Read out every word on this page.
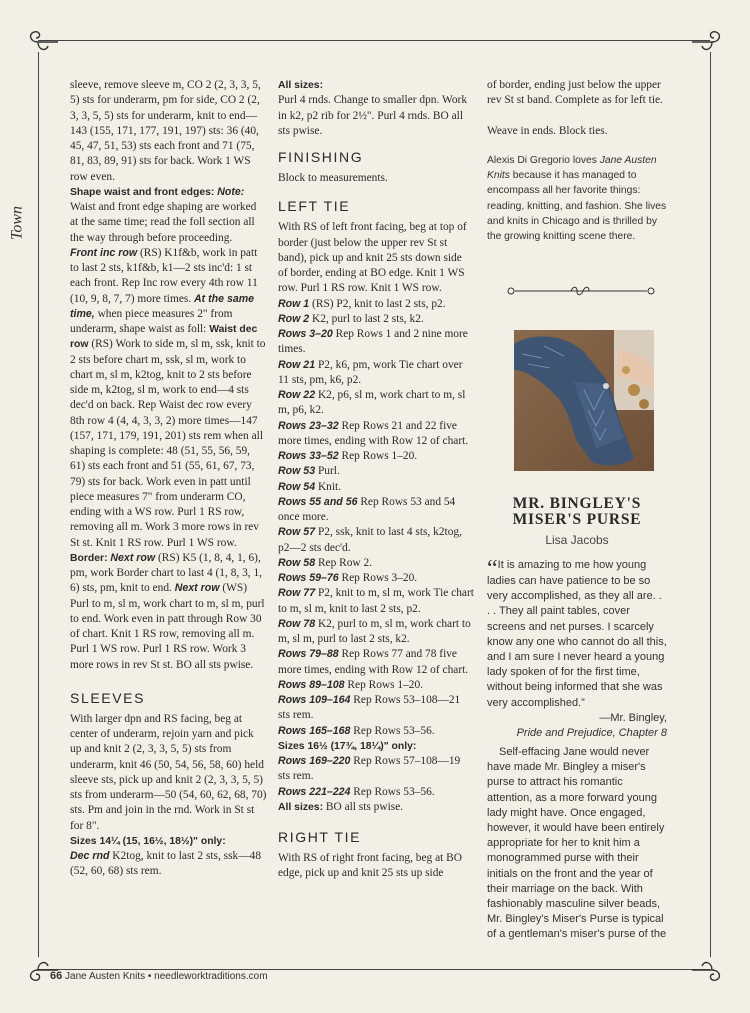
Town

sleeve, remove sleeve m, CO 2 (2, 3, 3, 5, 5) sts for underarm, pm for side, CO 2 (2, 3, 3, 5, 5) sts for underarm, knit to end—143 (155, 171, 177, 191, 197) sts: 36 (40, 45, 47, 51, 53) sts each front and 71 (75, 81, 83, 89, 91) sts for back. Work 1 WS row even.

Shape waist and front edges: Note: Waist and front edge shaping are worked at the same time; read the foll section all the way through before proceeding.

Front inc row (RS) K1f&b, work in patt to last 2 sts, k1f&b, k1—2 sts inc'd: 1 st each front. Rep Inc row every 4th row 11 (10, 9, 8, 7, 7) more times. At the same time, when piece measures 2" from underarm, shape waist as foll: Waist dec row (RS) Work to side m, sl m, ssk, knit to 2 sts before chart m, ssk, sl m, work to chart m, sl m, k2tog, knit to 2 sts before side m, k2tog, sl m, work to end—4 sts dec'd on back. Rep Waist dec row every 8th row 4 (4, 4, 3, 3, 2) more times—147 (157, 171, 179, 191, 201) sts rem when all shaping is complete: 48 (51, 55, 56, 59, 61) sts each front and 51 (55, 61, 67, 73, 79) sts for back. Work even in patt until piece measures 7" from underarm CO, ending with a WS row. Purl 1 RS row, removing all m. Work 3 more rows in rev St st. Knit 1 RS row. Purl 1 WS row. Border: Next row (RS) K5 (1, 8, 4, 1, 6), pm, work Border chart to last 4 (1, 8, 3, 1, 6) sts, pm, knit to end. Next row (WS) Purl to m, sl m, work chart to m, sl m, purl to end. Work even in patt through Row 30 of chart. Knit 1 RS row, removing all m. Purl 1 WS row. Purl 1 RS row. Work 3 more rows in rev St st. BO all sts pwise.

SLEEVES

With larger dpn and RS facing, beg at center of underarm, rejoin yarn and pick up and knit 2 (2, 3, 3, 5, 5) sts from underarm, knit 46 (50, 54, 56, 58, 60) held sleeve sts, pick up and knit 2 (2, 3, 3, 5, 5) sts from underarm—50 (54, 60, 62, 68, 70) sts. Pm and join in the rnd. Work in St st for 8".

Sizes 14¼ (15, 16½, 18½)" only:

Dec rnd K2tog, knit to last 2 sts, ssk—48 (52, 60, 68) sts rem.

All sizes:

Purl 4 rnds. Change to smaller dpn. Work in k2, p2 rib for 2½". Purl 4 rnds. BO all sts pwise.

FINISHING

Block to measurements.

LEFT TIE

With RS of left front facing, beg at top of border (just below the upper rev St st band), pick up and knit 25 sts down side of border, ending at BO edge. Knit 1 WS row. Purl 1 RS row. Knit 1 WS row.

Row 1 (RS) P2, knit to last 2 sts, p2.

Row 2 K2, purl to last 2 sts, k2.

Rows 3–20 Rep Rows 1 and 2 nine more times.

Row 21 P2, k6, pm, work Tie chart over 11 sts, pm, k6, p2.

Row 22 K2, p6, sl m, work chart to m, sl m, p6, k2.

Rows 23–32 Rep Rows 21 and 22 five more times, ending with Row 12 of chart.

Rows 33–52 Rep Rows 1–20.

Row 53 Purl.

Row 54 Knit.

Rows 55 and 56 Rep Rows 53 and 54 once more.

Row 57 P2, ssk, knit to last 4 sts, k2tog, p2—2 sts dec'd.

Row 58 Rep Row 2.

Rows 59–76 Rep Rows 3–20.

Row 77 P2, knit to m, sl m, work Tie chart to m, sl m, knit to last 2 sts, p2.

Row 78 K2, purl to m, sl m, work chart to m, sl m, purl to last 2 sts, k2.

Rows 79–88 Rep Rows 77 and 78 five more times, ending with Row 12 of chart.

Rows 89–108 Rep Rows 1–20.

Rows 109–164 Rep Rows 53–108—21 sts rem.

Rows 165–168 Rep Rows 53–56.

Sizes 16½ (17¾, 18¼)" only:

Rows 169–220 Rep Rows 57–108—19 sts rem.

Rows 221–224 Rep Rows 53–56.

All sizes: BO all sts pwise.

RIGHT TIE

With RS of right front facing, beg at BO edge, pick up and knit 25 sts up side

of border, ending just below the upper rev St st band. Complete as for left tie.

Weave in ends. Block ties.

Alexis Di Gregorio loves Jane Austen Knits because it has managed to encompass all her favorite things: reading, knitting, and fashion. She lives and knits in Chicago and is thrilled by the growing knitting scene there.

MR. BINGLEY'S MISER'S PURSE
Lisa Jacobs
“It is amazing to me how young ladies can have patience to be so very accomplished, as they all are. . . . They all paint tables, cover screens and net purses. I scarcely know any one who cannot do all this, and I am sure I never heard a young lady spoken of for the first time, without being informed that she was very accomplished.”
—Mr. Bingley,
Pride and Prejudice, Chapter 8
Self-effacing Jane would never have made Mr. Bingley a miser's purse to attract his romantic attention, as a more forward young lady might have. Once engaged, however, it would have been entirely appropriate for her to knit him a monogrammed purse with their initials on the front and the year of their marriage on the back. With fashionably masculine silver beads, Mr. Bingley's Miser's Purse is typical of a gentleman's miser's purse of the
66 Jane Austen Knits • needleworktraditions.com
